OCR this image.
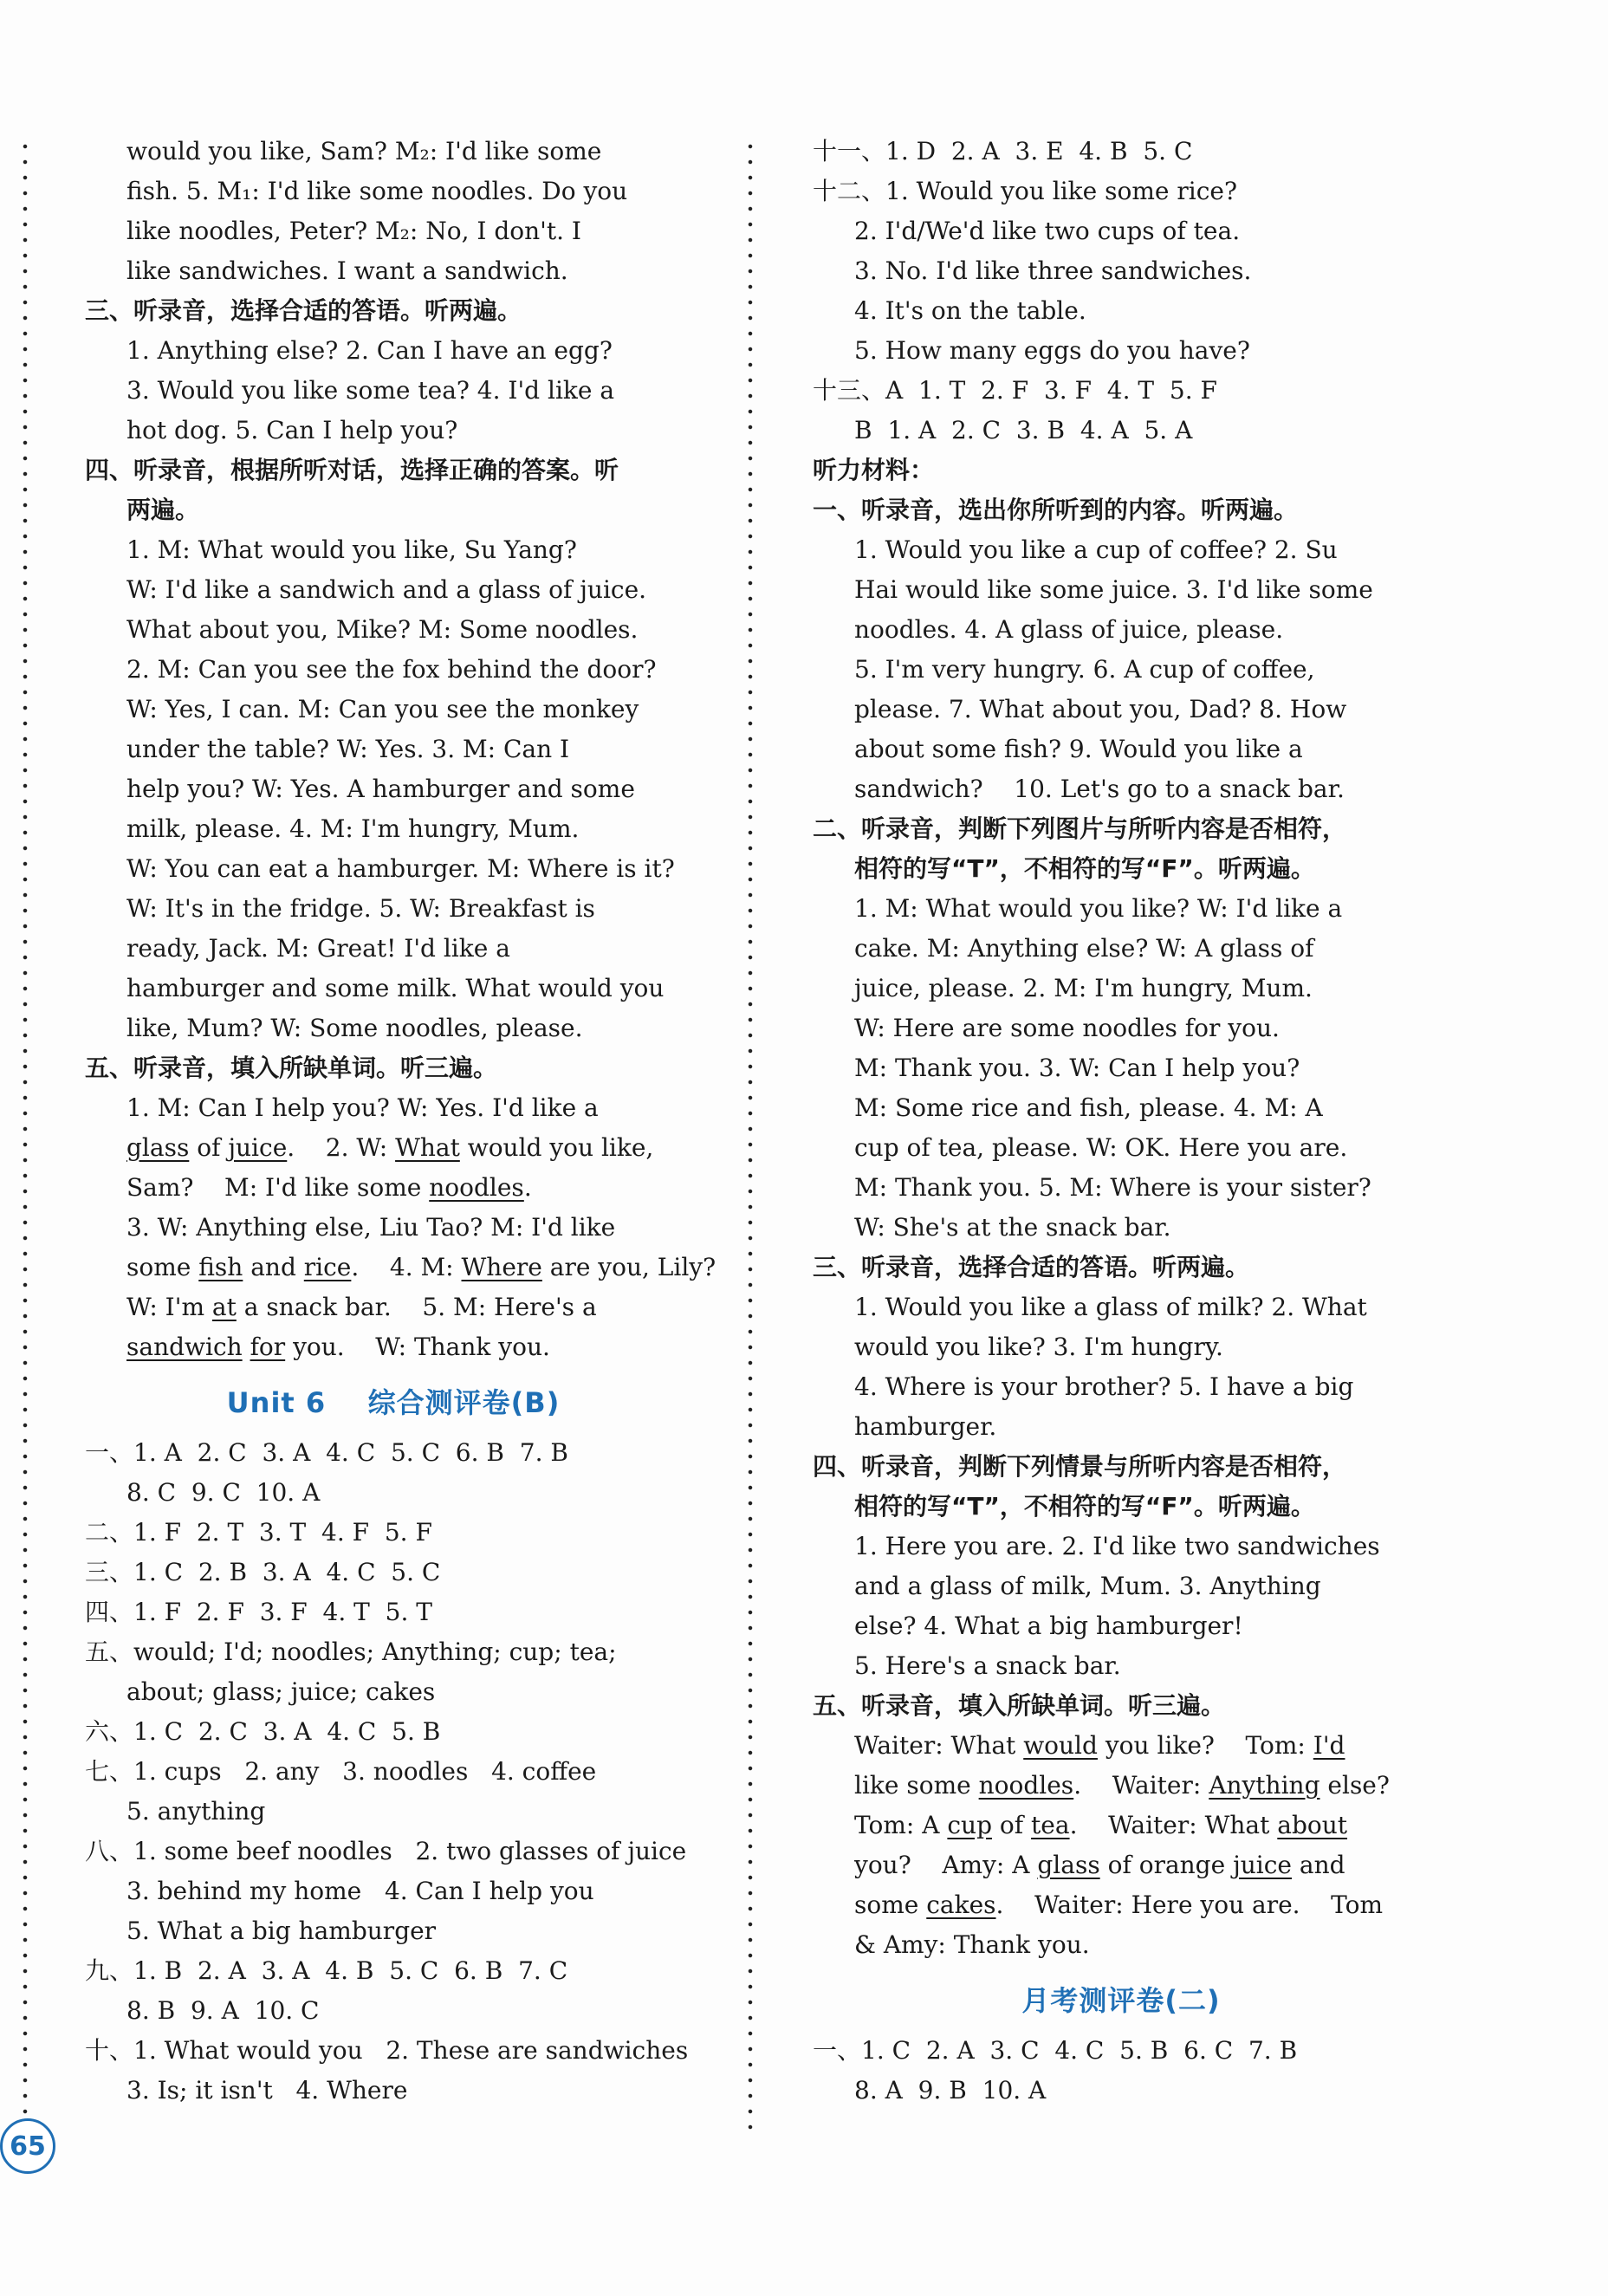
would you like, Sam? M₂: I'd like some
fish. 5. M₁: I'd like some noodles. Do you
like noodles, Peter? M₂: No, I don't. I
like sandwiches. I want a sandwich.
三、听录音，选择合适的答语。听两遍。
1. Anything else? 2. Can I have an egg?
3. Would you like some tea? 4. I'd like a
hot dog. 5. Can I help you?
四、听录音，根据所听对话，选择正确的答案。听
两遍。
1. M: What would you like, Su Yang?
W: I'd like a sandwich and a glass of juice.
What about you, Mike? M: Some noodles.
2. M: Can you see the fox behind the door?
W: Yes, I can. M: Can you see the monkey
under the table? W: Yes. 3. M: Can I
help you? W: Yes. A hamburger and some
milk, please. 4. M: I'm hungry, Mum.
W: You can eat a hamburger. M: Where is it?
W: It's in the fridge. 5. W: Breakfast is
ready, Jack. M: Great! I'd like a
hamburger and some milk. What would you
like, Mum? W: Some noodles, please.
五、听录音，填入所缺单词。听三遍。
1. M: Can I help you? W: Yes. I'd like a
glass of juice .    2. W: What would you like,
Sam?    M: I'd like some noodles .
3. W: Anything else, Liu Tao? M: I'd like
some fish and rice .    4. M: Where are you, Lily?
W: I'm at a snack bar.    5. M: Here's a
sandwich
for you.    W: Thank you.
Unit 6    综合测评卷(B)
一、1. A  2. C  3. A  4. C  5. C  6. B  7. B
8. C  9. C  10. A
二、1. F  2. T  3. T  4. F  5. F
三、1. C  2. B  3. A  4. C  5. C
四、1. F  2. F  3. F  4. T  5. T
五、would; I'd; noodles; Anything; cup; tea;
about; glass; juice; cakes
六、1. C  2. C  3. A  4. C  5. B
七、1. cups   2. any   3. noodles   4. coffee
5. anything
八、1. some beef noodles   2. two glasses of juice
3. behind my home   4. Can I help you
5. What a big hamburger
九、1. B  2. A  3. A  4. B  5. C  6. B  7. C
8. B  9. A  10. C
十、1. What would you   2. These are sandwiches
3. Is; it isn't   4. Where
十一、1. D  2. A  3. E  4. B  5. C
十二、1. Would you like some rice?
2. I'd/We'd like two cups of tea.
3. No. I'd like three sandwiches.
4. It's on the table.
5. How many eggs do you have?
十三、A  1. T  2. F  3. F  4. T  5. F
B  1. A  2. C  3. B  4. A  5. A
听力材料：
一、听录音，选出你所听到的内容。听两遍。
1. Would you like a cup of coffee? 2. Su
Hai would like some juice. 3. I'd like some
noodles. 4. A glass of juice, please.
5. I'm very hungry. 6. A cup of coffee,
please. 7. What about you, Dad? 8. How
about some fish? 9. Would you like a
sandwich?    10. Let's go to a snack bar.
二、听录音，判断下列图片与所听内容是否相符，
相符的写“T”，不相符的写“F”。听两遍。
1. M: What would you like? W: I'd like a
cake. M: Anything else? W: A glass of
juice, please. 2. M: I'm hungry, Mum.
W: Here are some noodles for you.
M: Thank you. 3. W: Can I help you?
M: Some rice and fish, please. 4. M: A
cup of tea, please. W: OK. Here you are.
M: Thank you. 5. M: Where is your sister?
W: She's at the snack bar.
三、听录音，选择合适的答语。听两遍。
1. Would you like a glass of milk? 2. What
would you like? 3. I'm hungry.
4. Where is your brother? 5. I have a big
hamburger.
四、听录音，判断下列情景与所听内容是否相符，
相符的写“T”，不相符的写“F”。听两遍。
1. Here you are. 2. I'd like two sandwiches
and a glass of milk, Mum. 3. Anything
else? 4. What a big hamburger!
5. Here's a snack bar.
五、听录音，填入所缺单词。听三遍。
Waiter: What would you like?    Tom: I'd
like some noodles .    Waiter: Anything else?
Tom: A cup of tea .    Waiter: What about
you?    Amy: A glass of orange juice and
some cakes .    Waiter: Here you are.    Tom
& Amy: Thank you.
月考测评卷(二)
一、1. C  2. A  3. C  4. C  5. B  6. C  7. B
8. A  9. B  10. A
65
